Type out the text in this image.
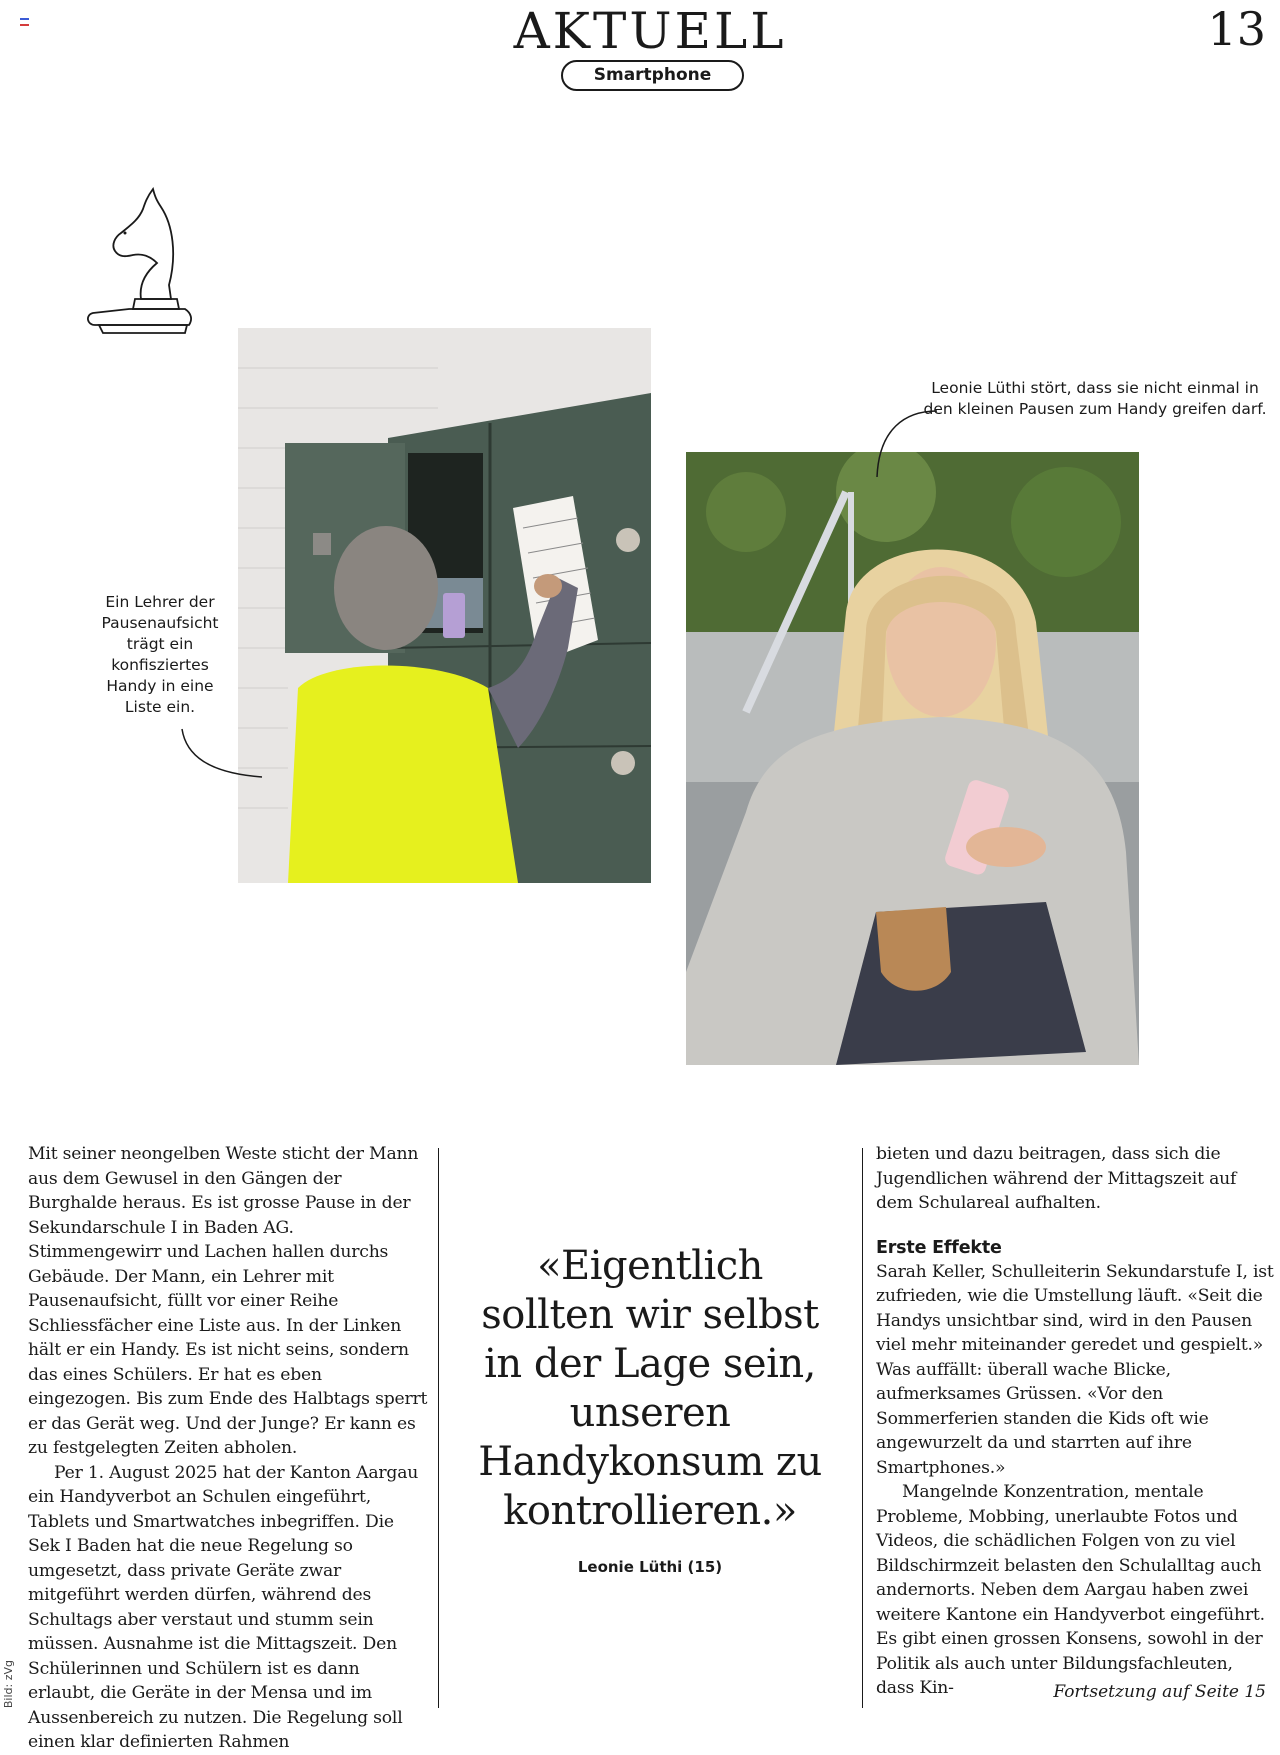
AKTUELL	13
Smartphone
Ein Lehrer der Pausenaufsicht trägt ein konfisziertes Handy in eine Liste ein.
Leonie Lüthi stört, dass sie nicht einmal in den kleinen Pausen zum Handy greifen darf.

Mit seiner neongelben Weste sticht der Mann aus dem Gewusel in den Gängen der Burghalde heraus. Es ist grosse Pause in der Sekundarschule I in Baden AG. Stimmengewirr und Lachen hallen durchs Gebäude. Der Mann, ein Lehrer mit Pausenaufsicht, füllt vor einer Reihe Schliessfächer eine Liste aus. In der Linken hält er ein Handy. Es ist nicht seins, sondern das eines Schülers. Er hat es eben eingezogen. Bis zum Ende des Halbtags sperrt er das Gerät weg. Und der Junge? Er kann es zu festgelegten Zeiten abholen.

Per 1. August 2025 hat der Kanton Aargau ein Handyverbot an Schulen eingeführt, Tablets und Smartwatches inbegriffen. Die Sek I Baden hat die neue Regelung so umgesetzt, dass private Geräte zwar mitgeführt werden dürfen, während des Schultags aber verstaut und stumm sein müssen. Ausnahme ist die Mittagszeit. Den Schülerinnen und Schülern ist es dann erlaubt, die Geräte in der Mensa und im Aussenbereich zu nutzen. Die Regelung soll einen klar definierten Rahmen

«Eigentlich sollten wir selbst in der Lage sein, unseren Handykonsum zu kontrollieren.»
Leonie Lüthi (15)

bieten und dazu beitragen, dass sich die Jugendlichen während der Mittagszeit auf dem Schulareal aufhalten.

Erste Effekte

Sarah Keller, Schulleiterin Sekundarstufe I, ist zufrieden, wie die Umstellung läuft. «Seit die Handys unsichtbar sind, wird in den Pausen viel mehr miteinander geredet und gespielt.» Was auffällt: überall wache Blicke, aufmerksames Grüssen. «Vor den Sommerferien standen die Kids oft wie angewurzelt da und starrten auf ihre Smartphones.»

Mangelnde Konzentration, mentale Probleme, Mobbing, unerlaubte Fotos und Videos, die schädlichen Folgen von zu viel Bildschirmzeit belasten den Schulalltag auch andernorts. Neben dem Aargau haben zwei weitere Kantone ein Handyverbot eingeführt. Es gibt einen grossen Konsens, sowohl in der Politik als auch unter Bildungsfachleuten, dass Kin-	Fortsetzung auf Seite 15
Bild: zVg
